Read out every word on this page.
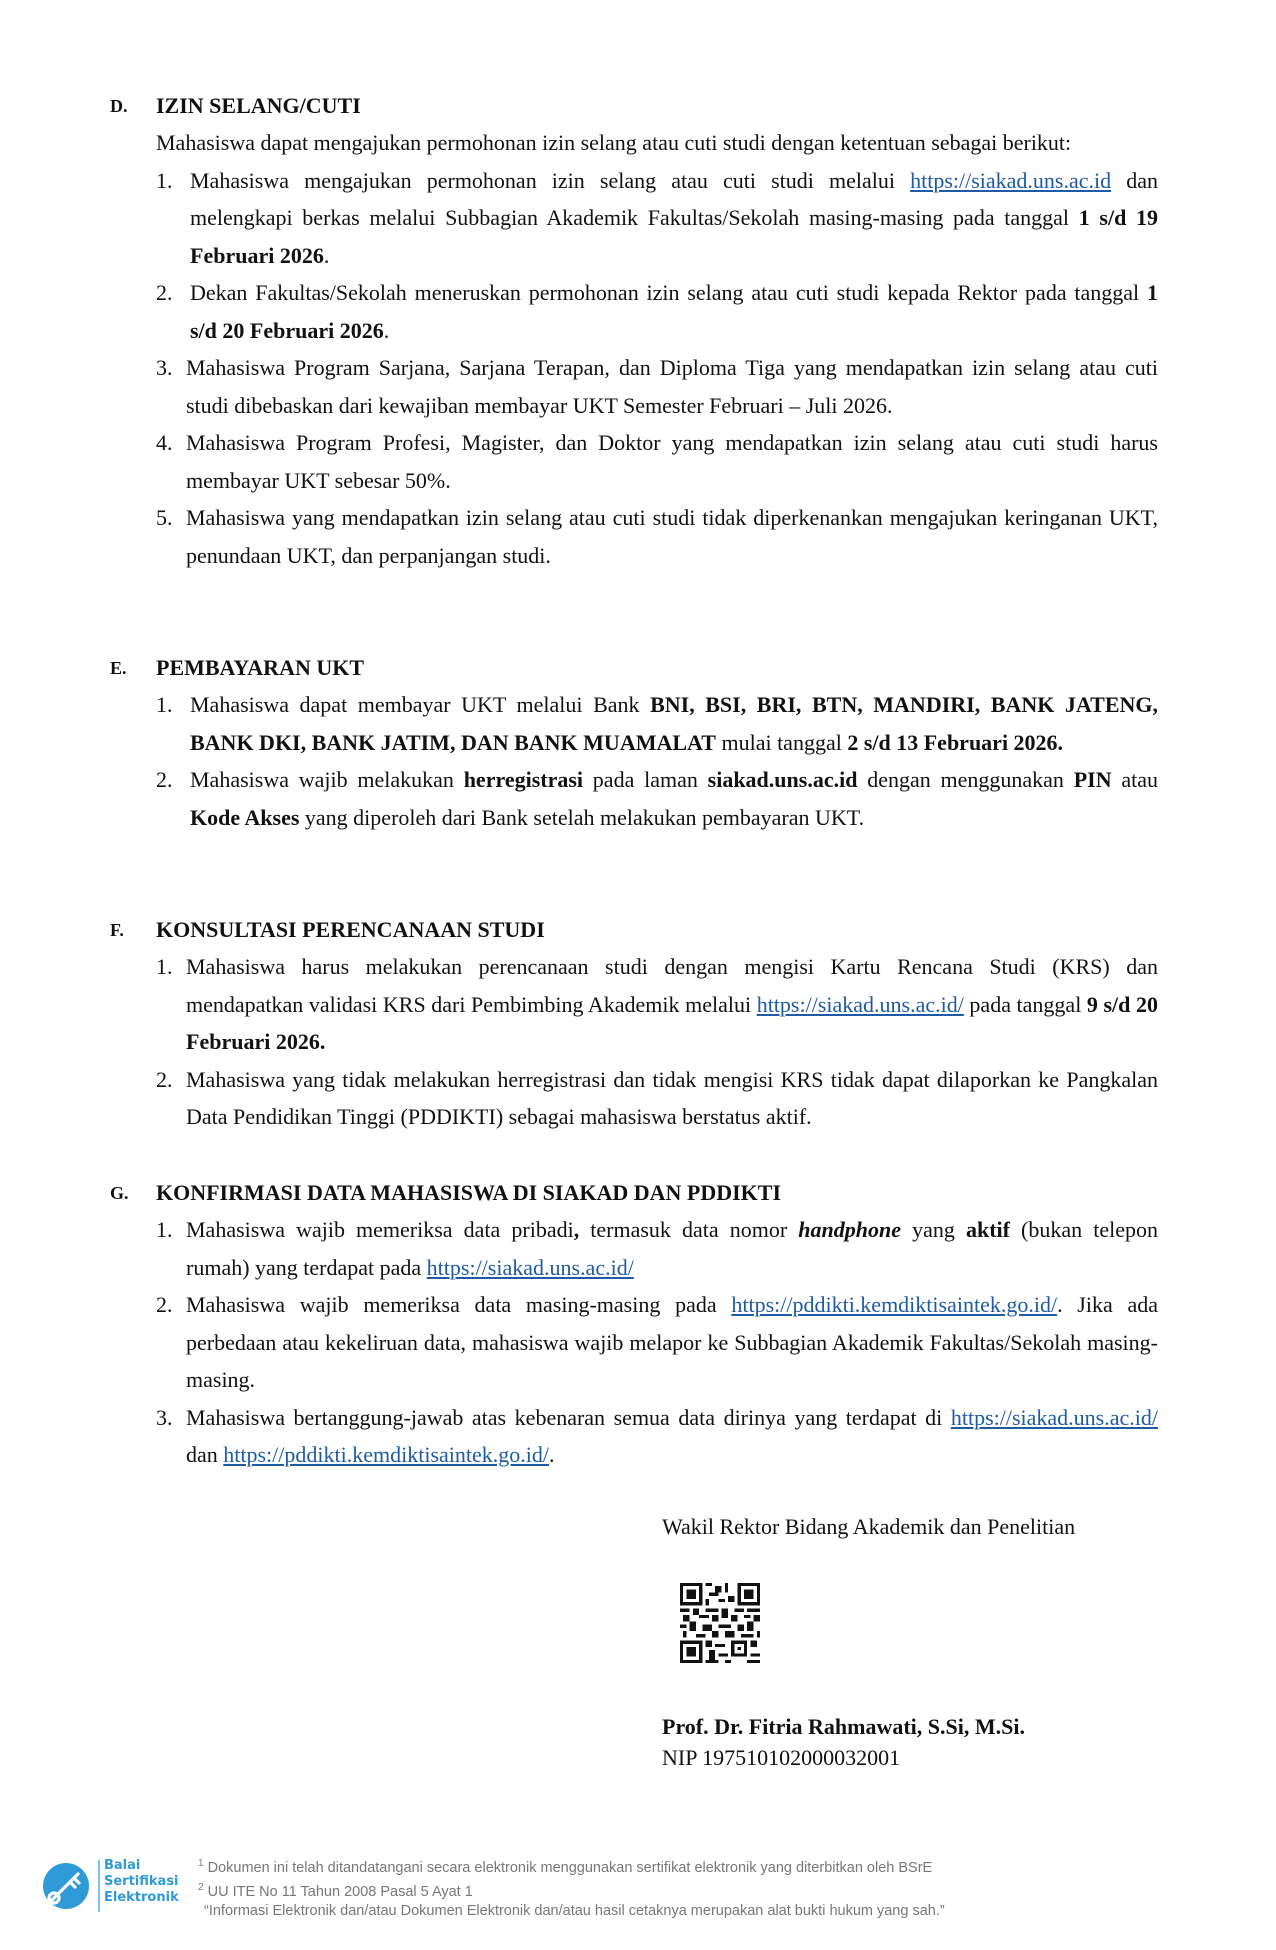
D. IZIN SELANG/CUTI
Mahasiswa dapat mengajukan permohonan izin selang atau cuti studi dengan ketentuan sebagai berikut:
1. Mahasiswa mengajukan permohonan izin selang atau cuti studi melalui https://siakad.uns.ac.id dan melengkapi berkas melalui Subbagian Akademik Fakultas/Sekolah masing-masing pada tanggal 1 s/d 19 Februari 2026.
2. Dekan Fakultas/Sekolah meneruskan permohonan izin selang atau cuti studi kepada Rektor pada tanggal 1 s/d 20 Februari 2026.
3. Mahasiswa Program Sarjana, Sarjana Terapan, dan Diploma Tiga yang mendapatkan izin selang atau cuti studi dibebaskan dari kewajiban membayar UKT Semester Februari – Juli 2026.
4. Mahasiswa Program Profesi, Magister, dan Doktor yang mendapatkan izin selang atau cuti studi harus membayar UKT sebesar 50%.
5. Mahasiswa yang mendapatkan izin selang atau cuti studi tidak diperkenankan mengajukan keringanan UKT, penundaan UKT, dan perpanjangan studi.
E. PEMBAYARAN UKT
1. Mahasiswa dapat membayar UKT melalui Bank BNI, BSI, BRI, BTN, MANDIRI, BANK JATENG, BANK DKI, BANK JATIM, DAN BANK MUAMALAT mulai tanggal 2 s/d 13 Februari 2026.
2. Mahasiswa wajib melakukan herregistrasi pada laman siakad.uns.ac.id dengan menggunakan PIN atau Kode Akses yang diperoleh dari Bank setelah melakukan pembayaran UKT.
F. KONSULTASI PERENCANAAN STUDI
1. Mahasiswa harus melakukan perencanaan studi dengan mengisi Kartu Rencana Studi (KRS) dan mendapatkan validasi KRS dari Pembimbing Akademik melalui https://siakad.uns.ac.id/ pada tanggal 9 s/d 20 Februari 2026.
2. Mahasiswa yang tidak melakukan herregistrasi dan tidak mengisi KRS tidak dapat dilaporkan ke Pangkalan Data Pendidikan Tinggi (PDDIKTI) sebagai mahasiswa berstatus aktif.
G. KONFIRMASI DATA MAHASISWA DI SIAKAD DAN PDDIKTI
1. Mahasiswa wajib memeriksa data pribadi, termasuk data nomor handphone yang aktif (bukan telepon rumah) yang terdapat pada https://siakad.uns.ac.id/
2. Mahasiswa wajib memeriksa data masing-masing pada https://pddikti.kemdiktisaintek.go.id/. Jika ada perbedaan atau kekeliruan data, mahasiswa wajib melapor ke Subbagian Akademik Fakultas/Sekolah masing-masing.
3. Mahasiswa bertanggung-jawab atas kebenaran semua data dirinya yang terdapat di https://siakad.uns.ac.id/ dan https://pddikti.kemdiktisaintek.go.id/.
Wakil Rektor Bidang Akademik dan Penelitian
Prof. Dr. Fitria Rahmawati, S.Si, M.Si.
NIP 197510102000032001
Balai
Sertifikasi
Elektronik
$^1$ Dokumen ini telah ditandatangani secara elektronik menggunakan sertifikat elektronik yang diterbitkan oleh BSrE
$^2$ UU ITE No 11 Tahun 2008 Pasal 5 Ayat 1
“Informasi Elektronik dan/atau Dokumen Elektronik dan/atau hasil cetaknya merupakan alat bukti hukum yang sah.”
